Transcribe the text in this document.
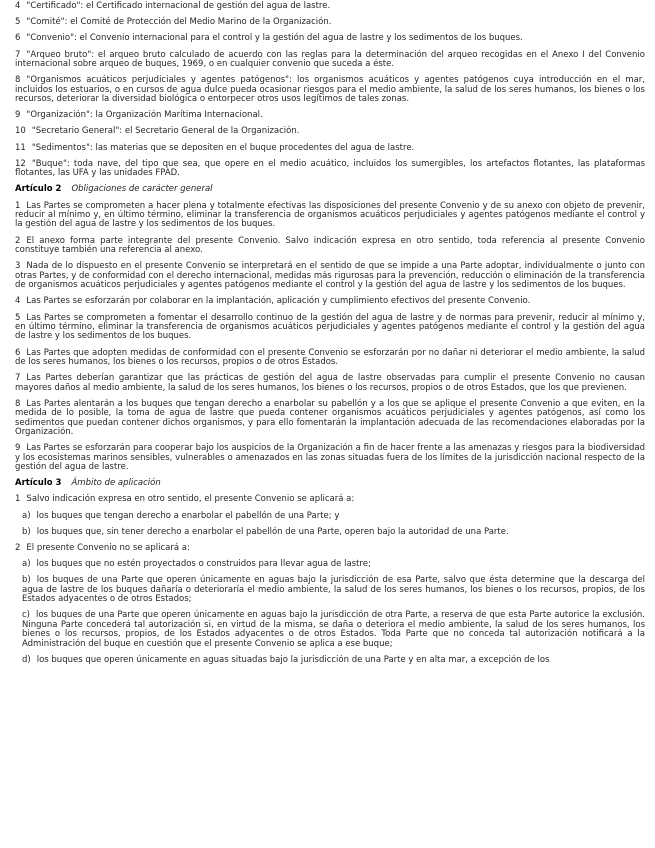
4 "Certificado": el Certificado internacional de gestión del agua de lastre.

5 "Comité": el Comité de Protección del Medio Marino de la Organización.

6 "Convenio": el Convenio internacional para el control y la gestión del agua de lastre y los sedimentos de los buques.

7 "Arqueo bruto": el arqueo bruto calculado de acuerdo con las reglas para la determinación del arqueo recogidas en el Anexo I del Convenio internacional sobre arqueo de buques, 1969, o en cualquier convenio que suceda a éste.

8 "Organismos acuáticos perjudiciales y agentes patógenos": los organismos acuáticos y agentes patógenos cuya introducción en el mar, incluidos los estuarios, o en cursos de agua dulce pueda ocasionar riesgos para el medio ambiente, la salud de los seres humanos, los bienes o los recursos, deteriorar la diversidad biológica o entorpecer otros usos legítimos de tales zonas.

9 "Organización": la Organización Marítima Internacional.

10 "Secretario General": el Secretario General de la Organización.

11 "Sedimentos": las materias que se depositen en el buque procedentes del agua de lastre.

12 "Buque": toda nave, del tipo que sea, que opere en el medio acuático, incluidos los sumergibles, los artefactos flotantes, las plataformas flotantes, las UFA y las unidades FPAD.

Artículo 2 Obligaciones de carácter general

1 Las Partes se comprometen a hacer plena y totalmente efectivas las disposiciones del presente Convenio y de su anexo con objeto de prevenir, reducir al mínimo y, en último término, eliminar la transferencia de organismos acuáticos perjudiciales y agentes patógenos mediante el control y la gestión del agua de lastre y los sedimentos de los buques.

2 El anexo forma parte integrante del presente Convenio. Salvo indicación expresa en otro sentido, toda referencia al presente Convenio constituye también una referencia al anexo.

3 Nada de lo dispuesto en el presente Convenio se interpretará en el sentido de que se impide a una Parte adoptar, individualmente o junto con otras Partes, y de conformidad con el derecho internacional, medidas más rigurosas para la prevención, reducción o eliminación de la transferencia de organismos acuáticos perjudiciales y agentes patógenos mediante el control y la gestión del agua de lastre y los sedimentos de los buques.

4 Las Partes se esforzarán por colaborar en la implantación, aplicación y cumplimiento efectivos del presente Convenio.

5 Las Partes se comprometen a fomentar el desarrollo continuo de la gestión del agua de lastre y de normas para prevenir, reducir al mínimo y, en último término, eliminar la transferencia de organismos acuáticos perjudiciales y agentes patógenos mediante el control y la gestión del agua de lastre y los sedimentos de los buques.

6 Las Partes que adopten medidas de conformidad con el presente Convenio se esforzarán por no dañar ni deteriorar el medio ambiente, la salud de los seres humanos, los bienes o los recursos, propios o de otros Estados.

7 Las Partes deberían garantizar que las prácticas de gestión del agua de lastre observadas para cumplir el presente Convenio no causan mayores daños al medio ambiente, la salud de los seres humanos, los bienes o los recursos, propios o de otros Estados, que los que previenen.

8 Las Partes alentarán a los buques que tengan derecho a enarbolar su pabellón y a los que se aplique el presente Convenio a que eviten, en la medida de lo posible, la toma de agua de lastre que pueda contener organismos acuáticos perjudiciales y agentes patógenos, así como los sedimentos que puedan contener dichos organismos, y para ello fomentarán la implantación adecuada de las recomendaciones elaboradas por la Organización.

9 Las Partes se esforzarán para cooperar bajo los auspicios de la Organización a fin de hacer frente a las amenazas y riesgos para la biodiversidad y los ecosistemas marinos sensibles, vulnerables o amenazados en las zonas situadas fuera de los límites de la jurisdicción nacional respecto de la gestión del agua de lastre.

Artículo 3 Ámbito de aplicación

1 Salvo indicación expresa en otro sentido, el presente Convenio se aplicará a:

a) los buques que tengan derecho a enarbolar el pabellón de una Parte; y

b) los buques que, sin tener derecho a enarbolar el pabellón de una Parte, operen bajo la autoridad de una Parte.

2 El presente Convenio no se aplicará a:

a) los buques que no estén proyectados o construidos para llevar agua de lastre;

b) los buques de una Parte que operen únicamente en aguas bajo la jurisdicción de esa Parte, salvo que ésta determine que la descarga del agua de lastre de los buques dañaría o deterioraría el medio ambiente, la salud de los seres humanos, los bienes o los recursos, propios, de los Estados adyacentes o de otros Estados;

c) los buques de una Parte que operen únicamente en aguas bajo la jurisdicción de otra Parte, a reserva de que esta Parte autorice la exclusión. Ninguna Parte concederá tal autorización si, en virtud de la misma, se daña o deteriora el medio ambiente, la salud de los seres humanos, los bienes o los recursos, propios, de los Estados adyacentes o de otros Estados. Toda Parte que no conceda tal autorización notificará a la Administración del buque en cuestión que el presente Convenio se aplica a ese buque;

d) los buques que operen únicamente en aguas situadas bajo la jurisdicción de una Parte y en alta mar, a excepción de los
